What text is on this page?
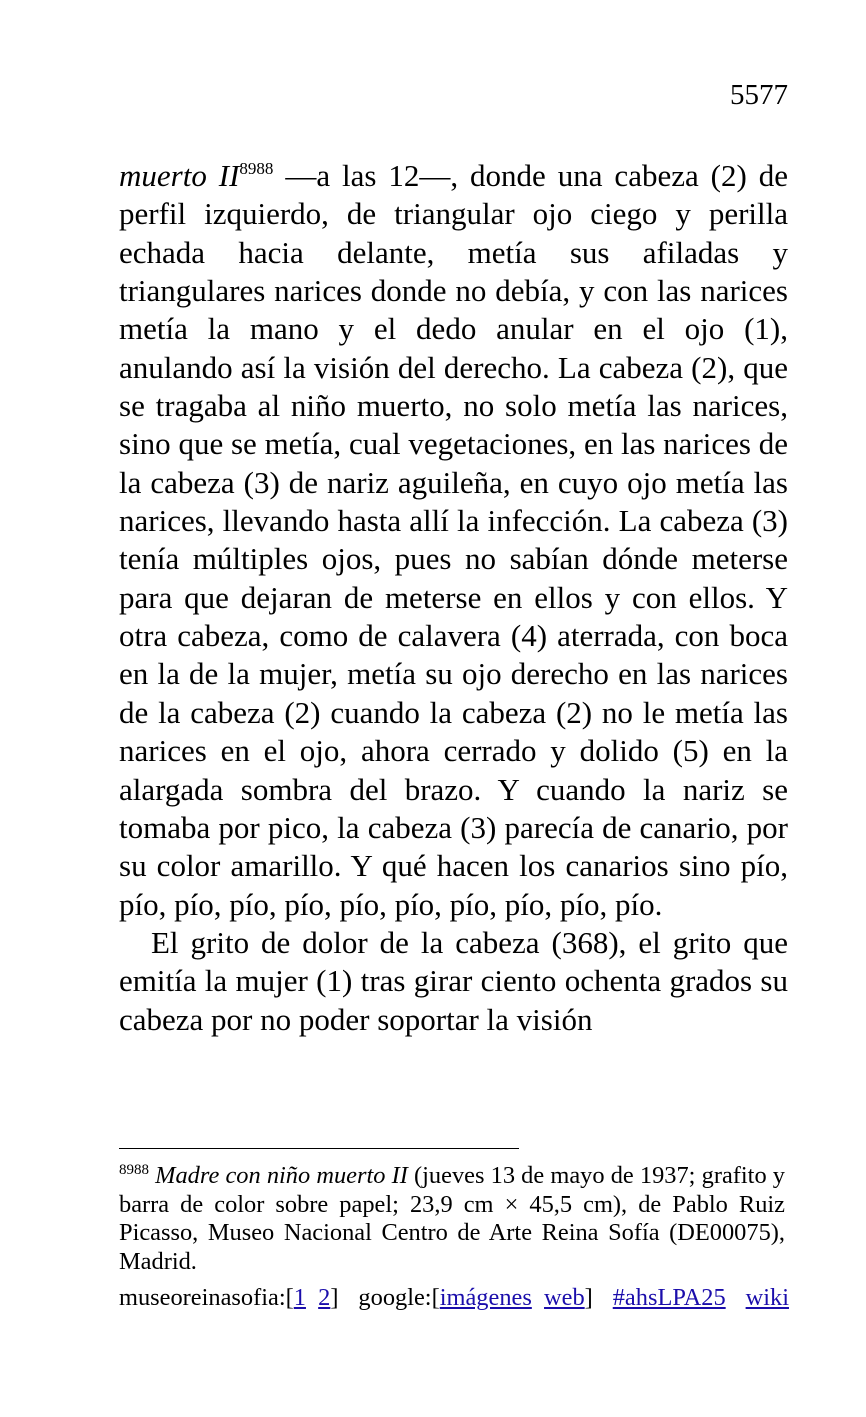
5577

muerto II$^{8988}$ —a las 12—, donde una cabeza (2) de perfil izquierdo, de triangular ojo ciego y perilla echada hacia delante, metía sus afiladas y triangulares narices donde no debía, y con las narices metía la mano y el dedo anular en el ojo (1), anulando así la visión del derecho. La cabeza (2), que se tragaba al niño muerto, no solo metía las narices, sino que se metía, cual vegetaciones, en las narices de la cabeza (3) de nariz aguileña, en cuyo ojo metía las narices, llevando hasta allí la infección. La cabeza (3) tenía múltiples ojos, pues no sabían dónde meterse para que dejaran de meterse en ellos y con ellos. Y otra cabeza, como de calavera (4) aterrada, con boca en la de la mujer, metía su ojo derecho en las narices de la cabeza (2) cuando la cabeza (2) no le metía las narices en el ojo, ahora cerrado y dolido (5) en la alargada sombra del brazo. Y cuando la nariz se tomaba por pico, la cabeza (3) parecía de canario, por su color amarillo. Y qué hacen los canarios sino pío, pío, pío, pío, pío, pío, pío, pío, pío, pío, pío.

El grito de dolor de la cabeza (368), el grito que emitía la mujer (1) tras girar ciento ochenta grados su cabeza por no poder soportar la visión

$^{8988}$ Madre con niño muerto II (jueves 13 de mayo de 1937; grafito y barra de color sobre papel; 23,9 cm × 45,5 cm), de Pablo Ruiz Picasso, Museo Nacional Centro de Arte Reina Sofía (DE00075), Madrid.
museoreinasofia:[1 2] google:[imágenes web] #ahsLPA25 wiki
